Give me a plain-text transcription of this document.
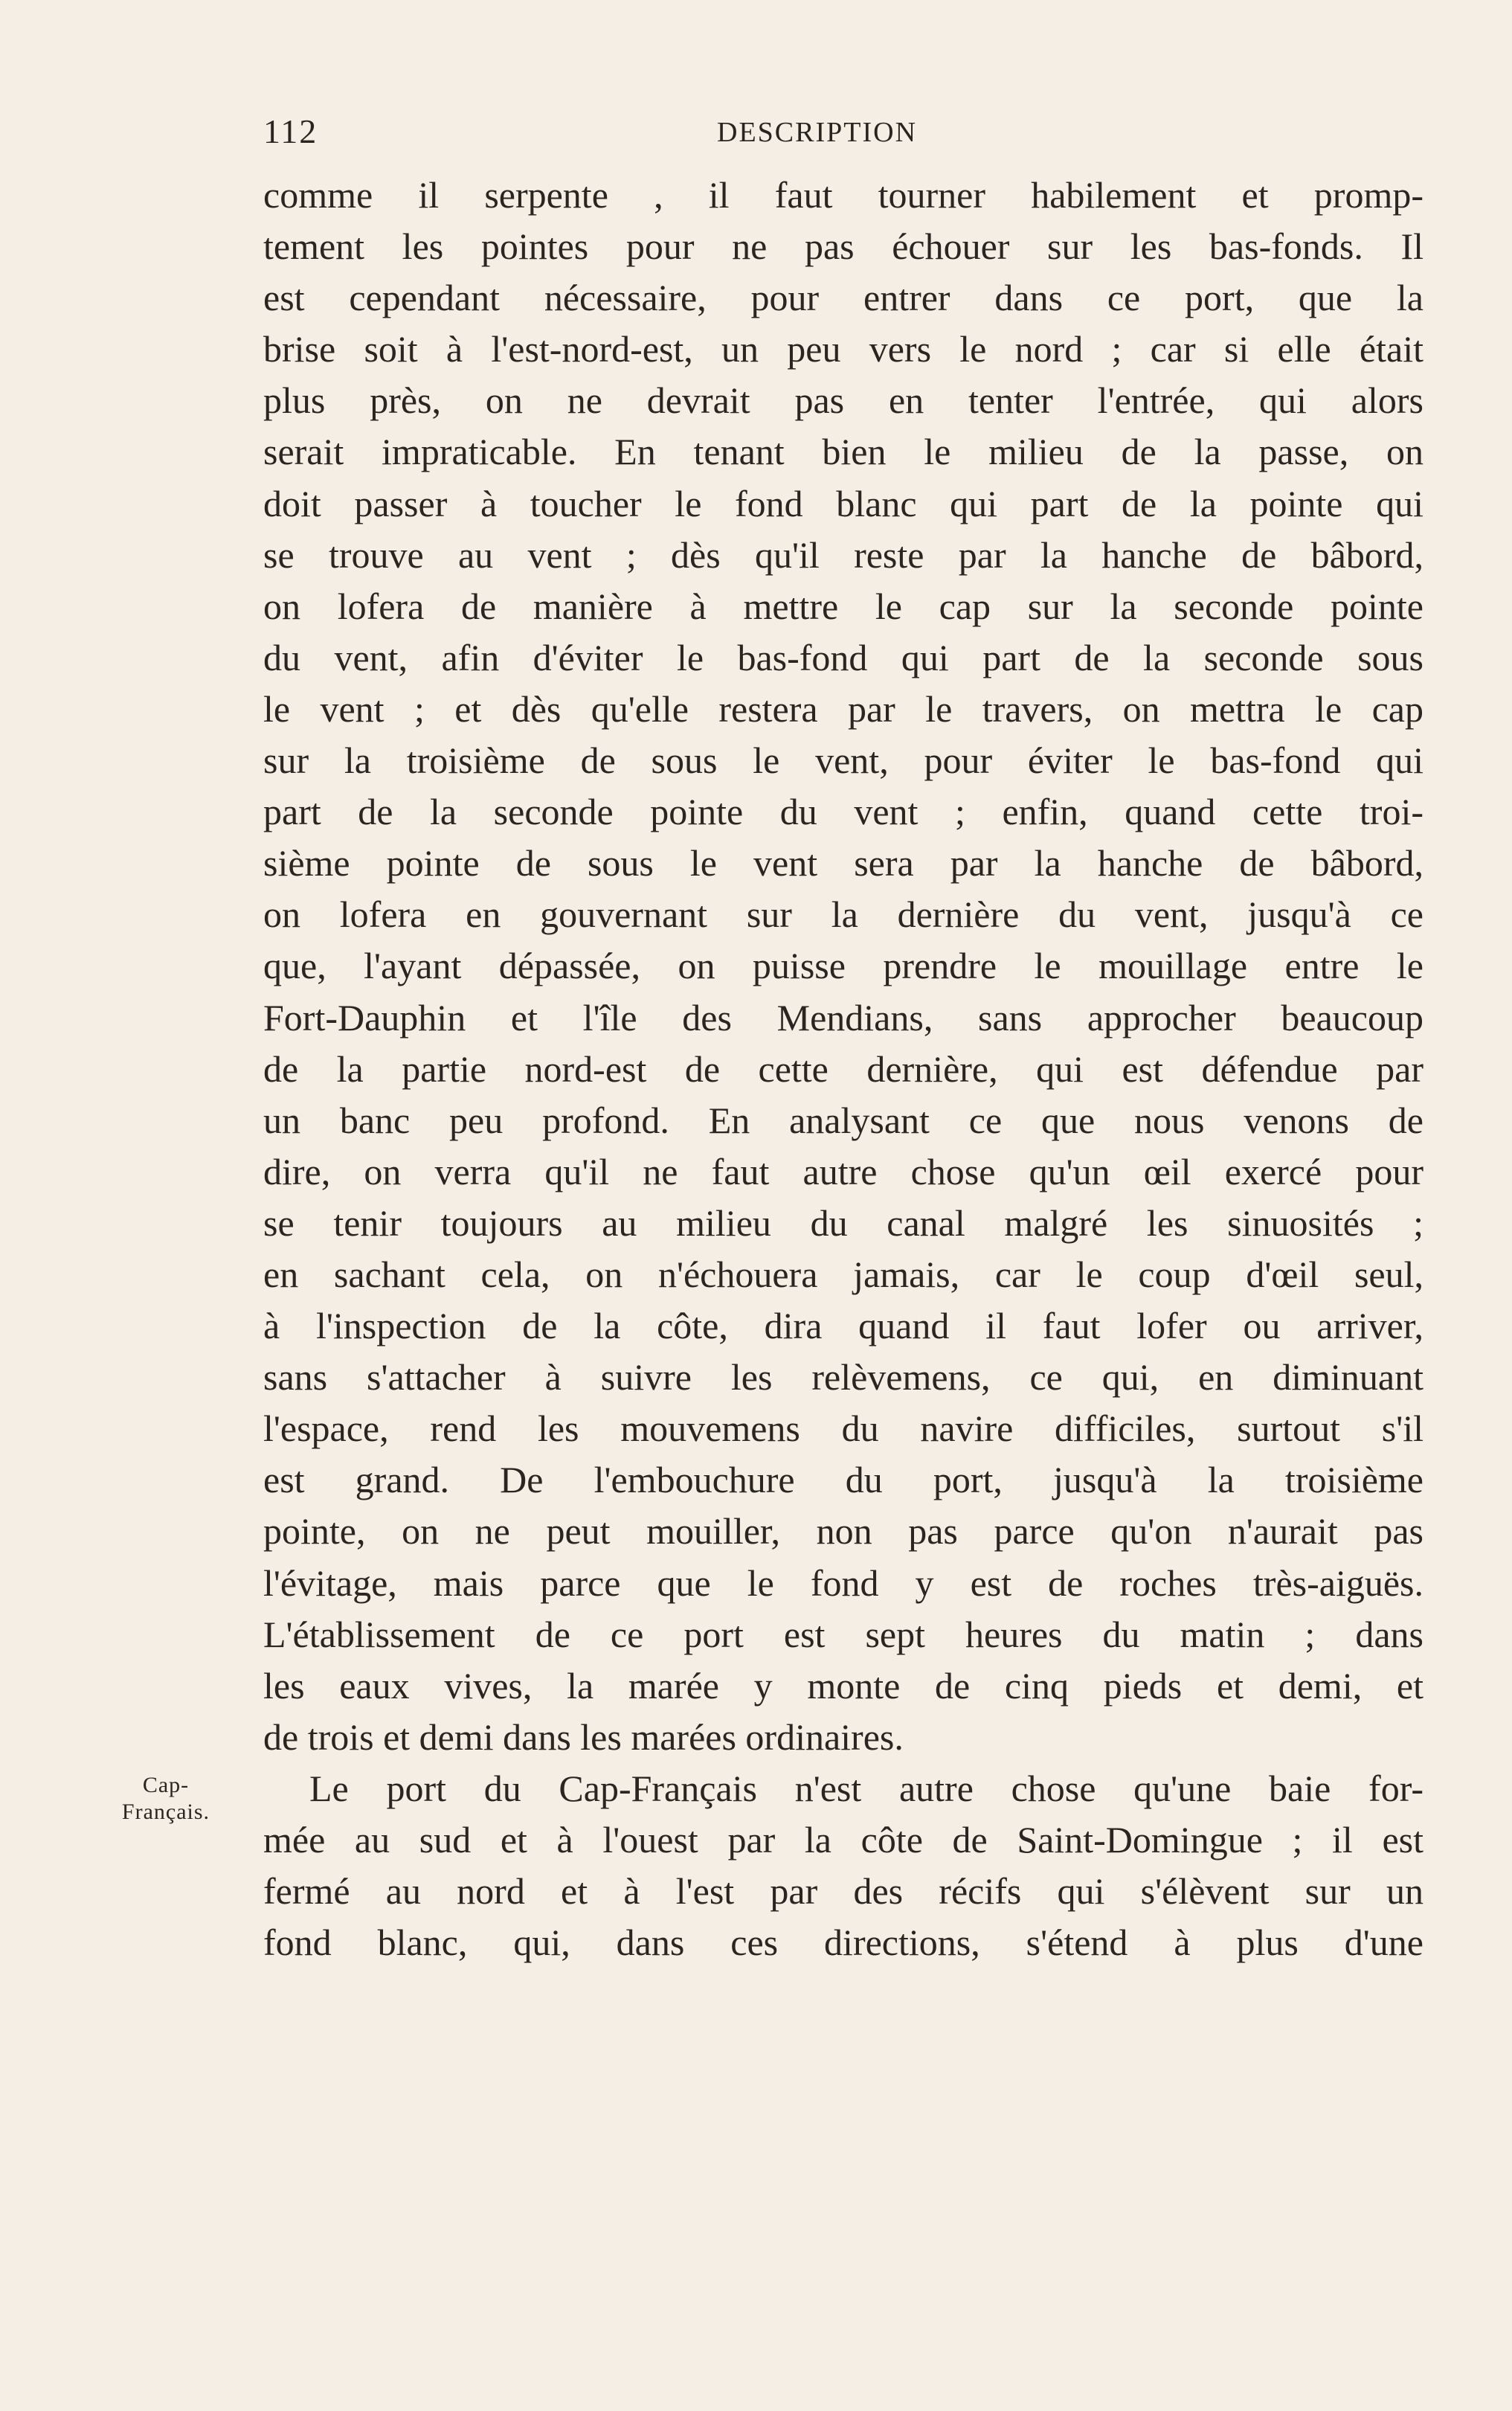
112	DESCRIPTION
Cap-
Français.
comme il serpente , il faut tourner habilement et promp-
tement les pointes pour ne pas échouer sur les bas-fonds. Il
est cependant nécessaire, pour entrer dans ce port, que la
brise soit à l'est-nord-est, un peu vers le nord ; car si elle était
plus près, on ne devrait pas en tenter l'entrée, qui alors
serait impraticable. En tenant bien le milieu de la passe, on
doit passer à toucher le fond blanc qui part de la pointe qui
se trouve au vent ; dès qu'il reste par la hanche de bâbord,
on lofera de manière à mettre le cap sur la seconde pointe
du vent, afin d'éviter le bas-fond qui part de la seconde sous
le vent ; et dès qu'elle restera par le travers, on mettra le cap
sur la troisième de sous le vent, pour éviter le bas-fond qui
part de la seconde pointe du vent ; enfin, quand cette troi-
sième pointe de sous le vent sera par la hanche de bâbord,
on lofera en gouvernant sur la dernière du vent, jusqu'à ce
que, l'ayant dépassée, on puisse prendre le mouillage entre le
Fort-Dauphin et l'île des Mendians, sans approcher beaucoup
de la partie nord-est de cette dernière, qui est défendue par
un banc peu profond. En analysant ce que nous venons de
dire, on verra qu'il ne faut autre chose qu'un œil exercé pour
se tenir toujours au milieu du canal malgré les sinuosités ;
en sachant cela, on n'échouera jamais, car le coup d'œil seul,
à l'inspection de la côte, dira quand il faut lofer ou arriver,
sans s'attacher à suivre les relèvemens, ce qui, en diminuant
l'espace, rend les mouvemens du navire difficiles, surtout s'il
est grand. De l'embouchure du port, jusqu'à la troisième
pointe, on ne peut mouiller, non pas parce qu'on n'aurait pas
l'évitage, mais parce que le fond y est de roches très-aiguës.
L'établissement de ce port est sept heures du matin ; dans
les eaux vives, la marée y monte de cinq pieds et demi, et
de trois et demi dans les marées ordinaires.
Le port du Cap-Français n'est autre chose qu'une baie for-
mée au sud et à l'ouest par la côte de Saint-Domingue ; il est
fermé au nord et à l'est par des récifs qui s'élèvent sur un
fond blanc, qui, dans ces directions, s'étend à plus d'une
